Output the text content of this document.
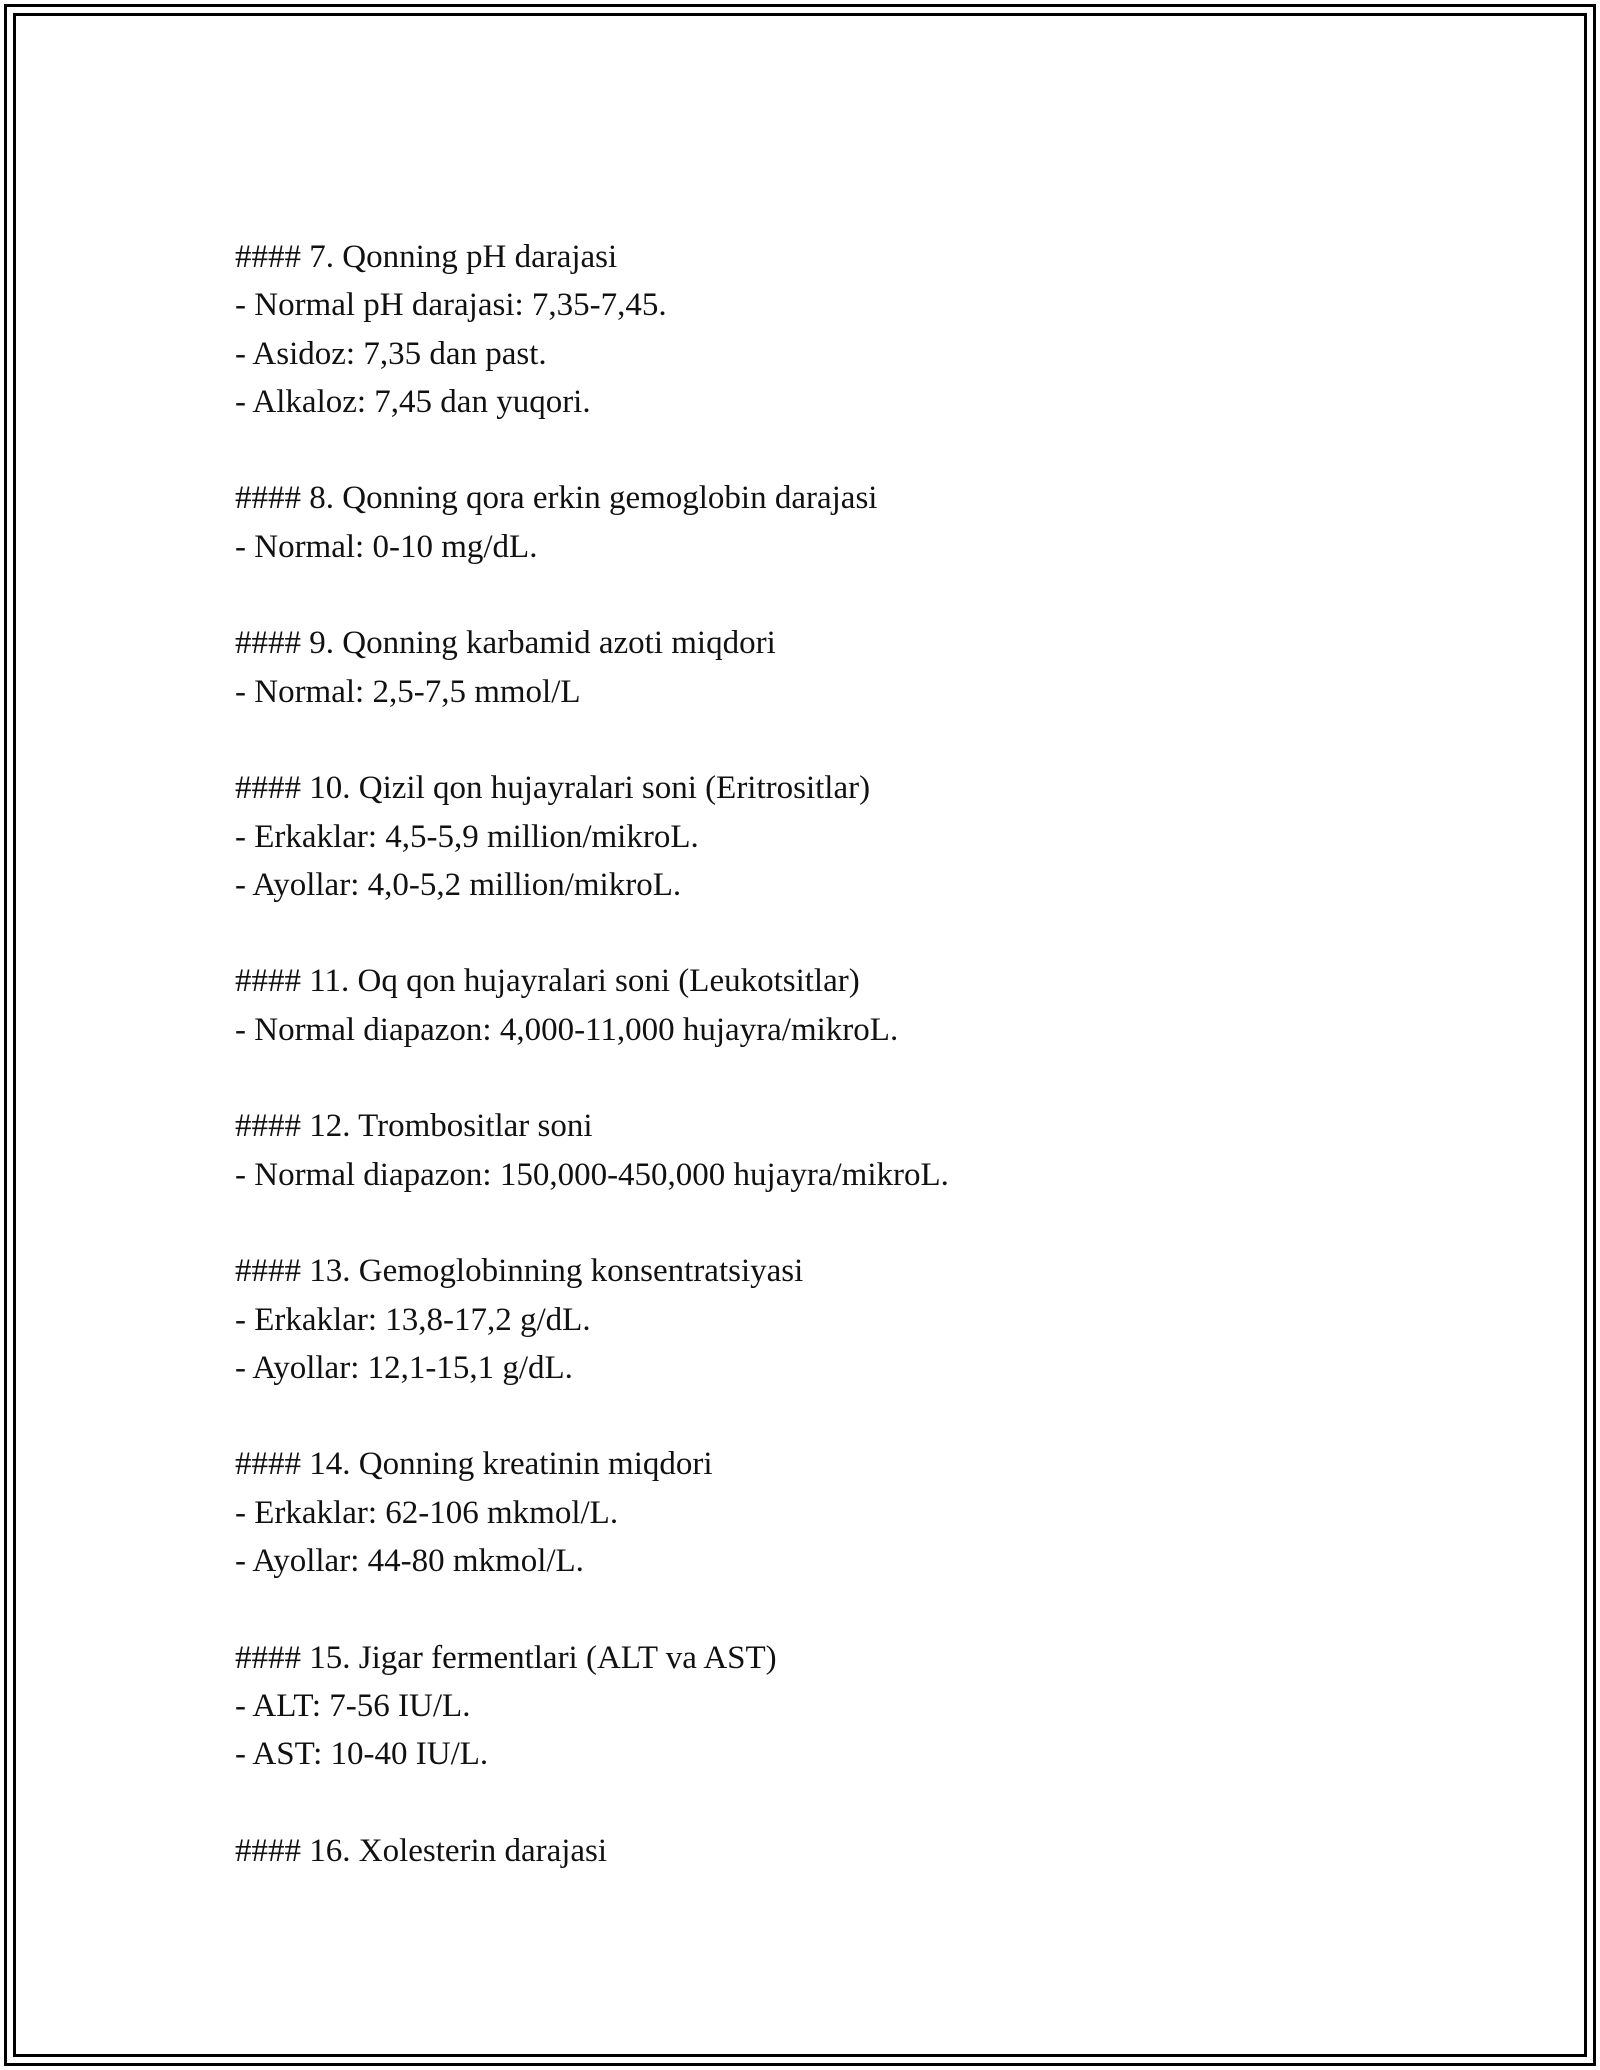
#### 7. Qonning pH darajasi

- Normal pH darajasi: 7,35-7,45.

- Asidoz: 7,35 dan past.

- Alkaloz: 7,45 dan yuqori.

#### 8. Qonning qora erkin gemoglobin darajasi

- Normal: 0-10 mg/dL.

#### 9. Qonning karbamid azoti miqdori

- Normal: 2,5-7,5 mmol/L

#### 10. Qizil qon hujayralari soni (Eritrositlar)

- Erkaklar: 4,5-5,9 million/mikroL.

- Ayollar: 4,0-5,2 million/mikroL.

#### 11. Oq qon hujayralari soni (Leukotsitlar)

- Normal diapazon: 4,000-11,000 hujayra/mikroL.

#### 12. Trombositlar soni

- Normal diapazon: 150,000-450,000 hujayra/mikroL.

#### 13. Gemoglobinning konsentratsiyasi

- Erkaklar: 13,8-17,2 g/dL.

- Ayollar: 12,1-15,1 g/dL.

#### 14. Qonning kreatinin miqdori

- Erkaklar: 62-106 mkmol/L.

- Ayollar: 44-80 mkmol/L.

#### 15. Jigar fermentlari (ALT va AST)

- ALT: 7-56 IU/L.

- AST: 10-40 IU/L.

#### 16. Xolesterin darajasi
